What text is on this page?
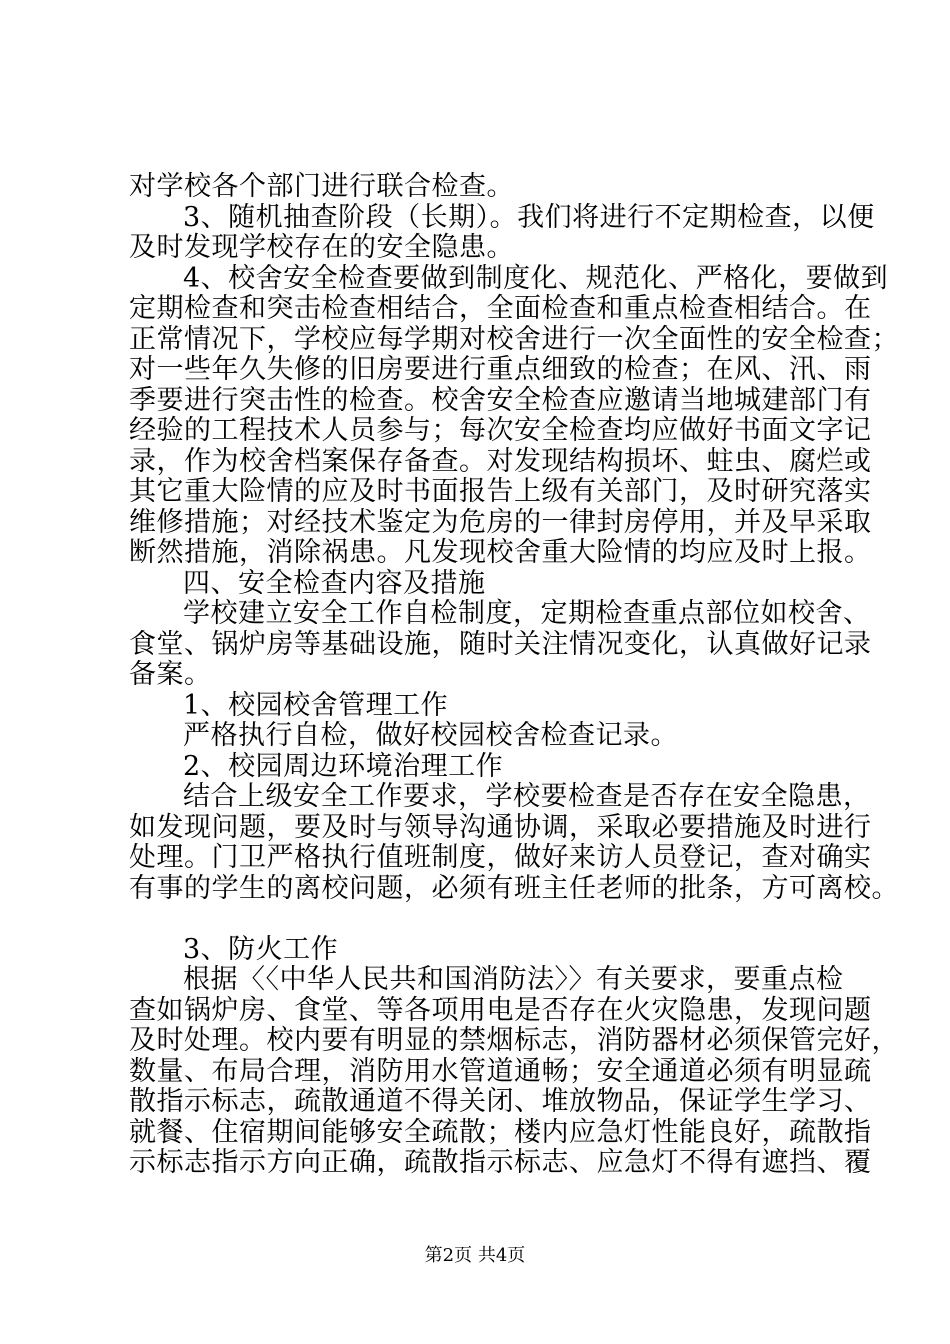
对学校各个部门进行联合检查。
3、随机抽查阶段（长期）。我们将进行不定期检查，以便
及时发现学校存在的安全隐患。
4、校舍安全检查要做到制度化、规范化、严格化，要做到
定期检查和突击检查相结合，全面检查和重点检查相结合。在
正常情况下，学校应每学期对校舍进行一次全面性的安全检查；
对一些年久失修的旧房要进行重点细致的检查；在风、汛、雨
季要进行突击性的检查。校舍安全检查应邀请当地城建部门有
经验的工程技术人员参与；每次安全检查均应做好书面文字记
录，作为校舍档案保存备查。对发现结构损坏、蛀虫、腐烂或
其它重大险情的应及时书面报告上级有关部门，及时研究落实
维修措施；对经技术鉴定为危房的一律封房停用，并及早采取
断然措施，消除祸患。凡发现校舍重大险情的均应及时上报。
四、安全检查内容及措施
学校建立安全工作自检制度，定期检查重点部位如校舍、
食堂、锅炉房等基础设施，随时关注情况变化，认真做好记录
备案。
1、校园校舍管理工作
严格执行自检，做好校园校舍检查记录。
2、校园周边环境治理工作
结合上级安全工作要求，学校要检查是否存在安全隐患，
如发现问题，要及时与领导沟通协调，采取必要措施及时进行
处理。门卫严格执行值班制度，做好来访人员登记，查对确实
有事的学生的离校问题，必须有班主任老师的批条，方可离校。
3、防火工作
根据〈〈中华人民共和国消防法〉〉有关要求，要重点检
查如锅炉房、食堂、等各项用电是否存在火灾隐患，发现问题
及时处理。校内要有明显的禁烟标志，消防器材必须保管完好，
数量、布局合理，消防用水管道通畅；安全通道必须有明显疏
散指示标志，疏散通道不得关闭、堆放物品，保证学生学习、
就餐、住宿期间能够安全疏散；楼内应急灯性能良好，疏散指
示标志指示方向正确，疏散指示标志、应急灯不得有遮挡、覆
第2页 共4页
